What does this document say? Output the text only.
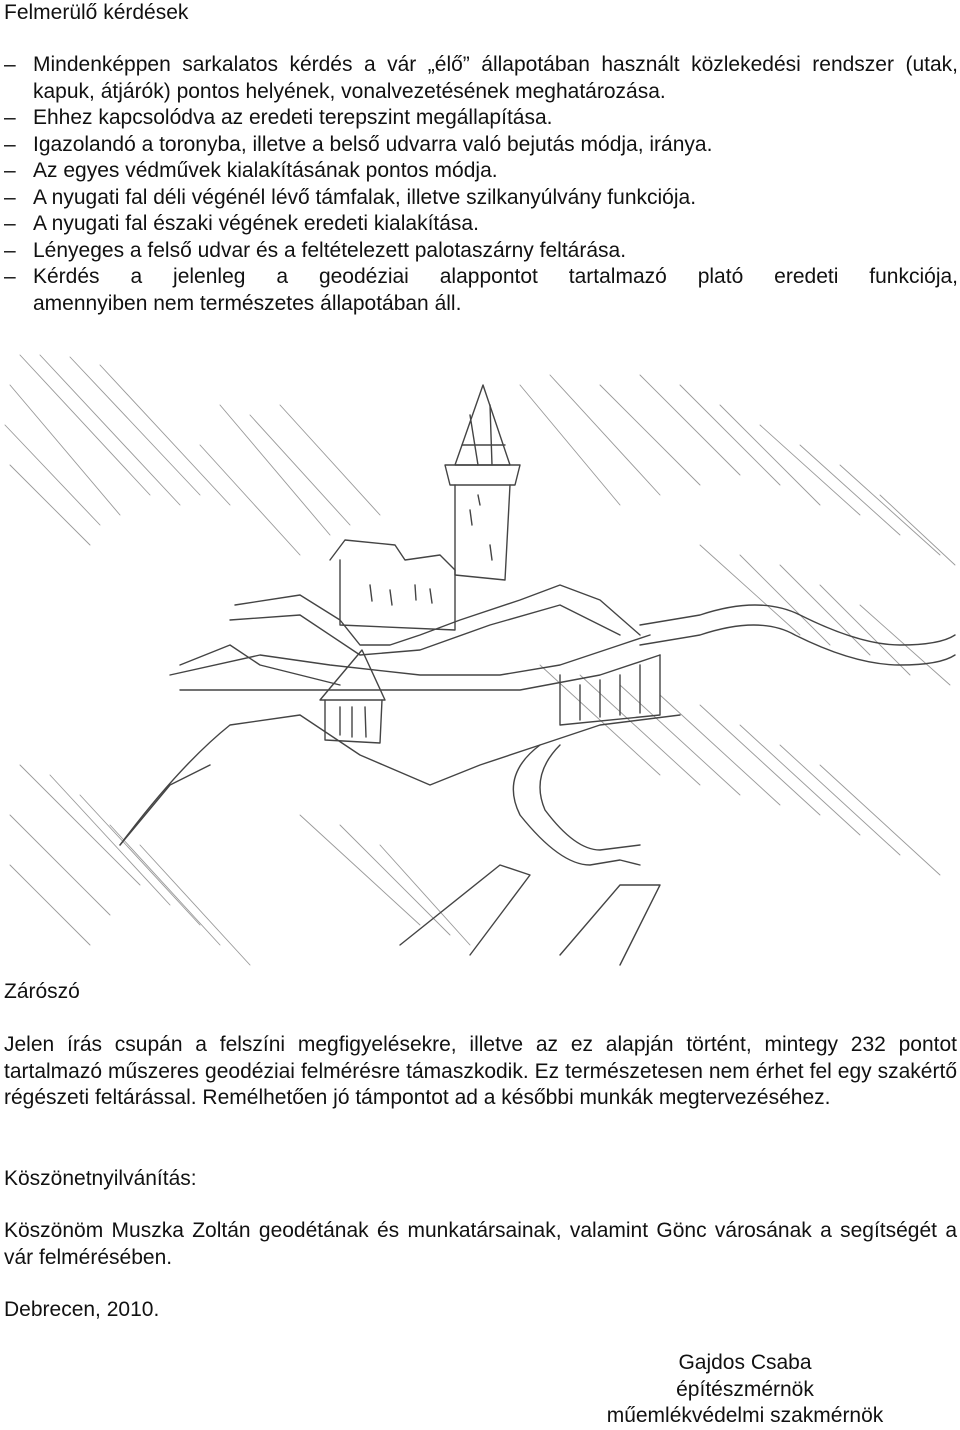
Felmerülő kérdések
– Mindenképpen sarkalatos kérdés a vár „élő” állapotában használt közlekedési rendszer (utak, kapuk, átjárók) pontos helyének, vonalvezetésének meghatározása.
– Ehhez kapcsolódva az eredeti terepszint megállapítása.
– Igazolandó a toronyba, illetve a belső udvarra való bejutás módja, iránya.
– Az egyes védművek kialakításának pontos módja.
– A nyugati fal déli végénél lévő támfalak, illetve szilkanyúlvány funkciója.
– A nyugati fal északi végének eredeti kialakítása.
– Lényeges a felső udvar és a feltételezett palotaszárny feltárása.
– Kérdés a jelenleg a geodéziai alappontot tartalmazó plató eredeti funkciója,
amennyiben nem természetes állapotában áll.
Zárószó

Jelen írás csupán a felszíni megfigyelésekre, illetve az ez alapján történt, mintegy 232 pontot tartalmazó műszeres geodéziai felmérésre támaszkodik. Ez természetesen nem érhet fel egy szakértő régészeti feltárással. Remélhetően jó támpontot ad a későbbi munkák megtervezéséhez.

Köszönetnyilvánítás:

Köszönöm Muszka Zoltán geodétának és munkatársainak, valamint Gönc városának a segítségét a vár felmérésében.

Debrecen, 2010.

Gajdos Csaba
építészmérnök
műemlékvédelmi szakmérnök
